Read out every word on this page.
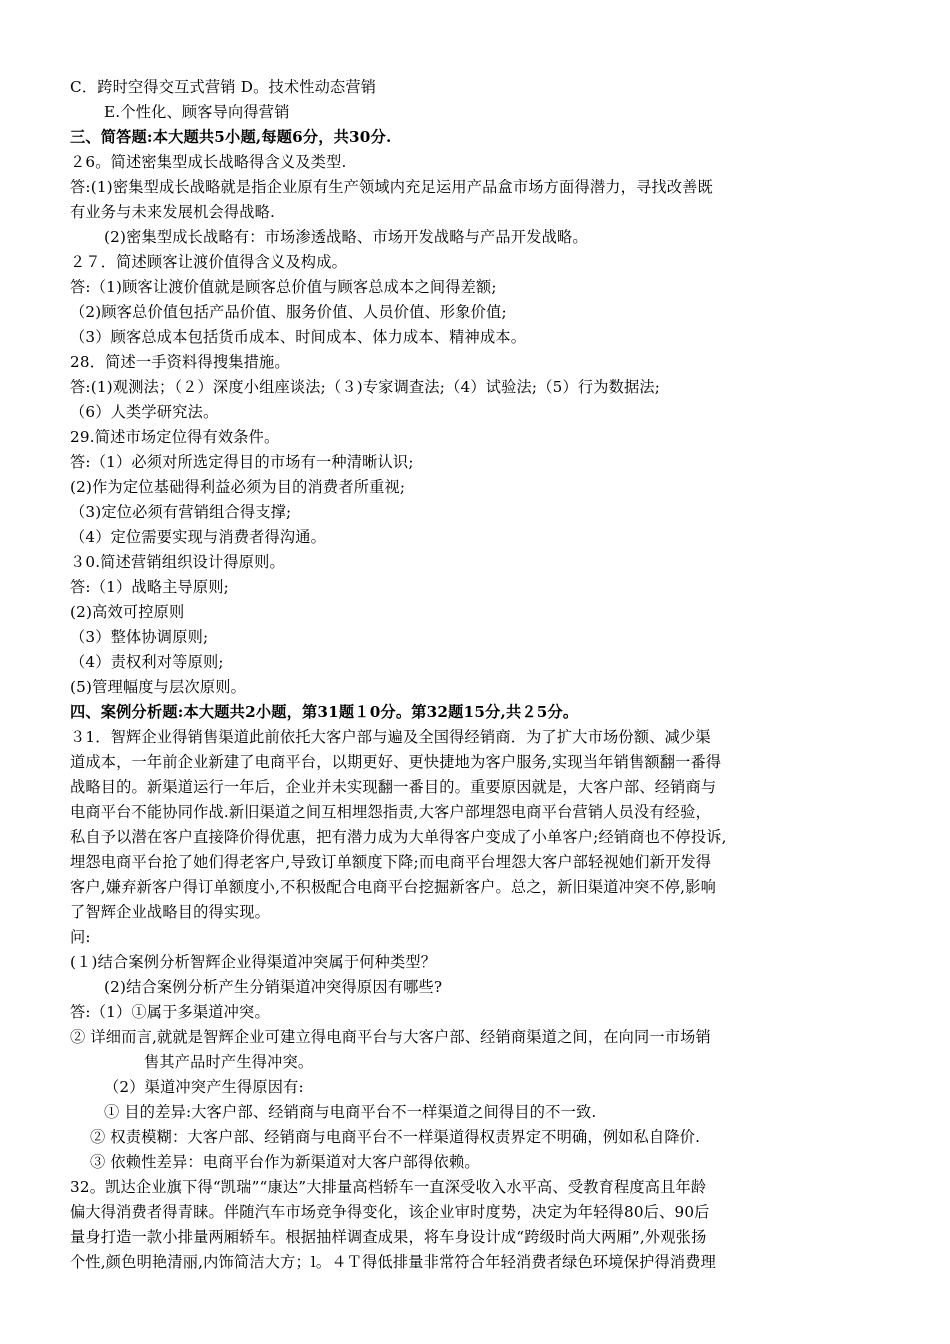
C．跨时空得交互式营销 D。技术性动态营销
E.个性化、顾客导向得营销
三、简答题:本大题共5小题,每题6分，共30分.
２6。简述密集型成长战略得含义及类型.
答:(1)密集型成长战略就是指企业原有生产领域内充足运用产品盒市场方面得潜力，寻找改善既
有业务与未来发展机会得战略.
(2)密集型成长战略有：市场渗透战略、市场开发战略与产品开发战略。
２７．简述顾客让渡价值得含义及构成。
答:（1)顾客让渡价值就是顾客总价值与顾客总成本之间得差额;
（2)顾客总价值包括产品价值、服务价值、人员价值、形象价值;
（3）顾客总成本包括货币成本、时间成本、体力成本、精神成本。
28．简述一手资料得搜集措施。
答:(1)观测法；（２）深度小组座谈法;（３)专家调查法;（4）试验法;（5）行为数据法;
（6）人类学研究法。
29.简述市场定位得有效条件。
答:（1）必须对所选定得目的市场有一种清晰认识;
(2)作为定位基础得利益必须为目的消费者所重视;
（3)定位必须有营销组合得支撑;
（4）定位需要实现与消费者得沟通。
３0.简述营销组织设计得原则。
答:（1）战略主导原则;
(2)高效可控原则
（3）整体协调原则;
（4）责权利对等原则;
(5)管理幅度与层次原则。
四、案例分析题:本大题共2小题，第31题１0分。第32题15分,共２5分。
３1．智辉企业得销售渠道此前依托大客户部与遍及全国得经销商．为了扩大市场份额、减少渠
道成本，一年前企业新建了电商平台，以期更好、更快捷地为客户服务,实现当年销售额翻一番得
战略目的。新渠道运行一年后，企业并未实现翻一番目的。重要原因就是，大客户部、经销商与
电商平台不能协同作战.新旧渠道之间互相埋怨指责,大客户部埋怨电商平台营销人员没有经验，
私自予以潜在客户直接降价得优惠，把有潜力成为大单得客户变成了小单客户;经销商也不停投诉,
埋怨电商平台抢了她们得老客户,导致订单额度下降;而电商平台埋怨大客户部轻视她们新开发得
客户,嫌弃新客户得订单额度小,不积极配合电商平台挖掘新客户。总之，新旧渠道冲突不停,影响
了智辉企业战略目的得实现。
问:
(１)结合案例分析智辉企业得渠道冲突属于何种类型？
(2)结合案例分析产生分销渠道冲突得原因有哪些?
答:（1）①属于多渠道冲突。
② 详细而言,就就是智辉企业可建立得电商平台与大客户部、经销商渠道之间，在向同一市场销
售其产品时产生得冲突。
（2）渠道冲突产生得原因有:
① 目的差异:大客户部、经销商与电商平台不一样渠道之间得目的不一致.
② 权责模糊：大客户部、经销商与电商平台不一样渠道得权责界定不明确，例如私自降价.
③ 依赖性差异：电商平台作为新渠道对大客户部得依赖。
32。凯达企业旗下得“凯瑞”“康达”大排量高档轿车一直深受收入水平高、受教育程度高且年龄
偏大得消费者得青睐。伴随汽车市场竞争得变化，该企业审时度势，决定为年轻得80后、90后
量身打造一款小排量两厢轿车。根据抽样调查成果，将车身设计成“跨级时尚大两厢”,外观张扬
个性,颜色明艳清丽,内饰简洁大方；l。４Ｔ得低排量非常符合年轻消费者绿色环境保护得消费理
